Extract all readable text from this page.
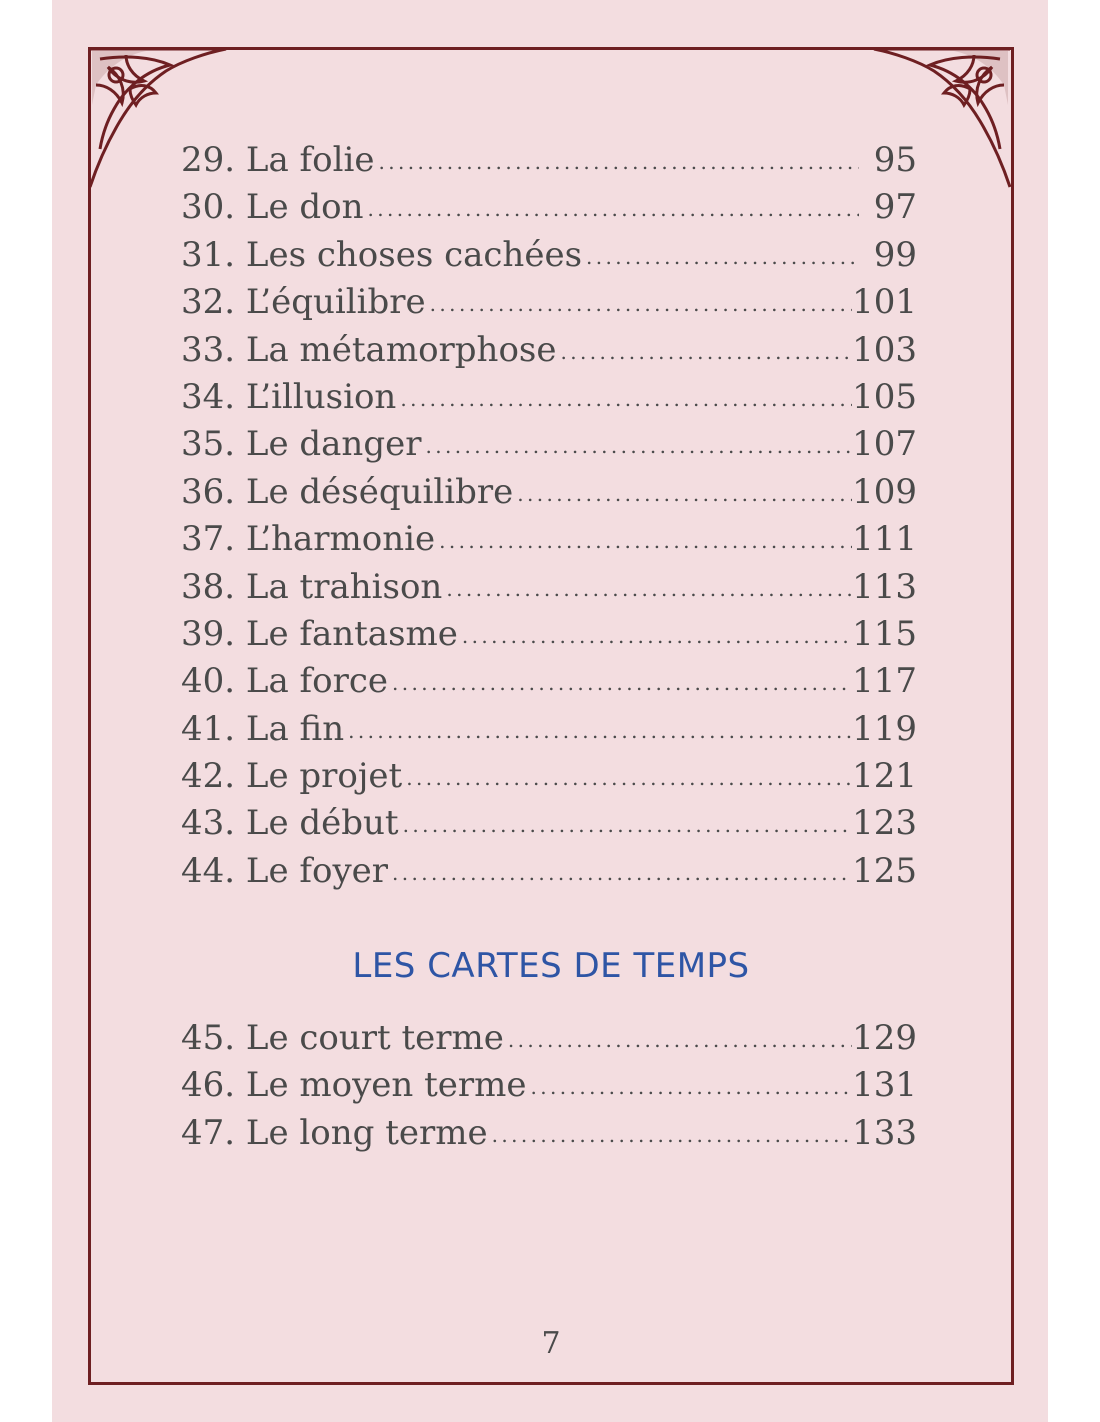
29. La folie .....	95
30. Le don .....	97
31. Les choses cachées .....	99
32. L’équilibre .....	101
33. La métamorphose .....	103
34. L’illusion .....	105
35. Le danger .....	107
36. Le déséquilibre .....	109
37. L’harmonie .....	111
38. La trahison .....	113
39. Le fantasme .....	115
40. La force .....	117
41. La fin .....	119
42. Le projet .....	121
43. Le début .....	123
44. Le foyer .....	125
LES CARTES DE TEMPS
45. Le court terme .....	129
46. Le moyen terme .....	131
47. Le long terme .....	133
7
